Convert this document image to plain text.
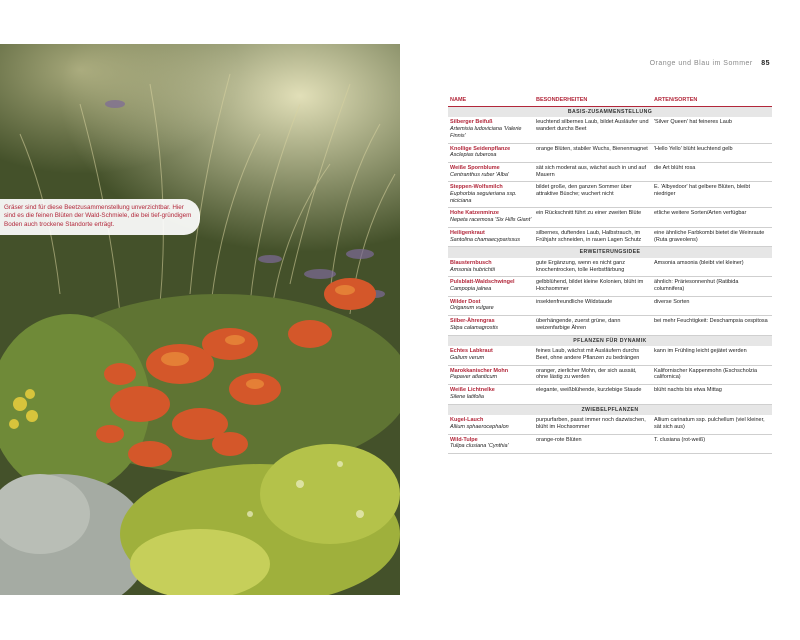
Gräser sind für diese Beetzusammenstellung unverzichtbar. Hier sind es die feinen Blüten der Wald-Schmiele, die bei tief-gründigem Boden auch trockene Standorte erträgt.
Orange und Blau im Sommer 85
NAME	BESONDERHEITEN	ARTEN/SORTEN
BASIS-ZUSAMMENSTELLUNG		

Silberger Beifuß
Artemisia ludoviciana 'Valerie Finnis'	leuchtend silbernes Laub, bildet Ausläufer und wandert durchs Beet	'Silver Queen' hat feineres Laub

Knollige Seidenpflanze
Asclepias tuberosa	orange Blüten, stabiler Wuchs, Bienenmagnet	'Hello Yello' blüht leuchtend gelb

Weiße Spornblume
Centranthus ruber 'Alba'	sät sich moderat aus, wächst auch in und auf Mauern	die Art blüht rosa

Steppen-Wolfsmilch
Euphorbia seguieriana ssp. niciciana	bildet große, den ganzen Sommer über attraktive Büsche; wuchert nicht	E. 'Albyedoor' hat gelbere Blüten, bleibt niedriger

Hohe Katzenminze
Nepeta racemosa 'Six Hills Giant'	ein Rückschnitt führt zu einer zweiten Blüte	etliche weitere Sorten/Arten verfügbar

Heiligenkraut
Santolina chamaecyparissus	silbernes, duftendes Laub, Halbstrauch, im Frühjahr schneiden, in rauen Lagen Schutz	eine ähnliche Farbkombi bietet die Weinraute (Ruta graveolens)
ERWEITERUNGSIDEE		

Blausternbusch
Amsonia hubrichtii	gute Ergänzung, wenn es nicht ganz knochentrocken, tolle Herbstfärbung	Amsonia amsonia (bleibt viel kleiner)

Pulsblatt-Waldschwingel
Campopia jalnea	gelbblühend, bildet kleine Kolonien, blüht im Hochsommer	ähnlich: Präriesonnenhut (Ratibida columnifera)

Wilder Dost
Origanum vulgare	insektenfreundliche Wildstaude	diverse Sorten

Silber-Ährengras
Stipa calamagrostis	überhängende, zuerst grüne, dann weizenfarbige Ähren	bei mehr Feuchtigkeit: Deschampsia cespitosa
PFLANZEN FÜR DYNAMIK		

Echtes Labkraut
Galium verum	feines Laub, wächst mit Ausläufern durchs Beet, ohne andere Pflanzen zu bedrängen	kann im Frühling leicht gejätet werden

Marokkanischer Mohn
Papaver atlanticum	oranger, zierlicher Mohn, der sich aussät, ohne lästig zu werden	Kalifornischer Kappenmohn (Eschscholzia californica)

Weiße Lichtnelke
Silene latifolia	elegante, weißblühende, kurzlebige Staude	blüht nachts bis etwa Mittag
ZWIEBELPFLANZEN		

Kugel-Lauch
Allium sphaerocephalon	purpurfarben, passt immer noch dazwischen, blüht im Hochsommer	Allium carinatum ssp. pulchellum (viel kleiner, sät sich aus)

Wild-Tulpe
Tulipa clusiana 'Cynthia'	orange-rote Blüten	T. clusiana (rot-weiß)
